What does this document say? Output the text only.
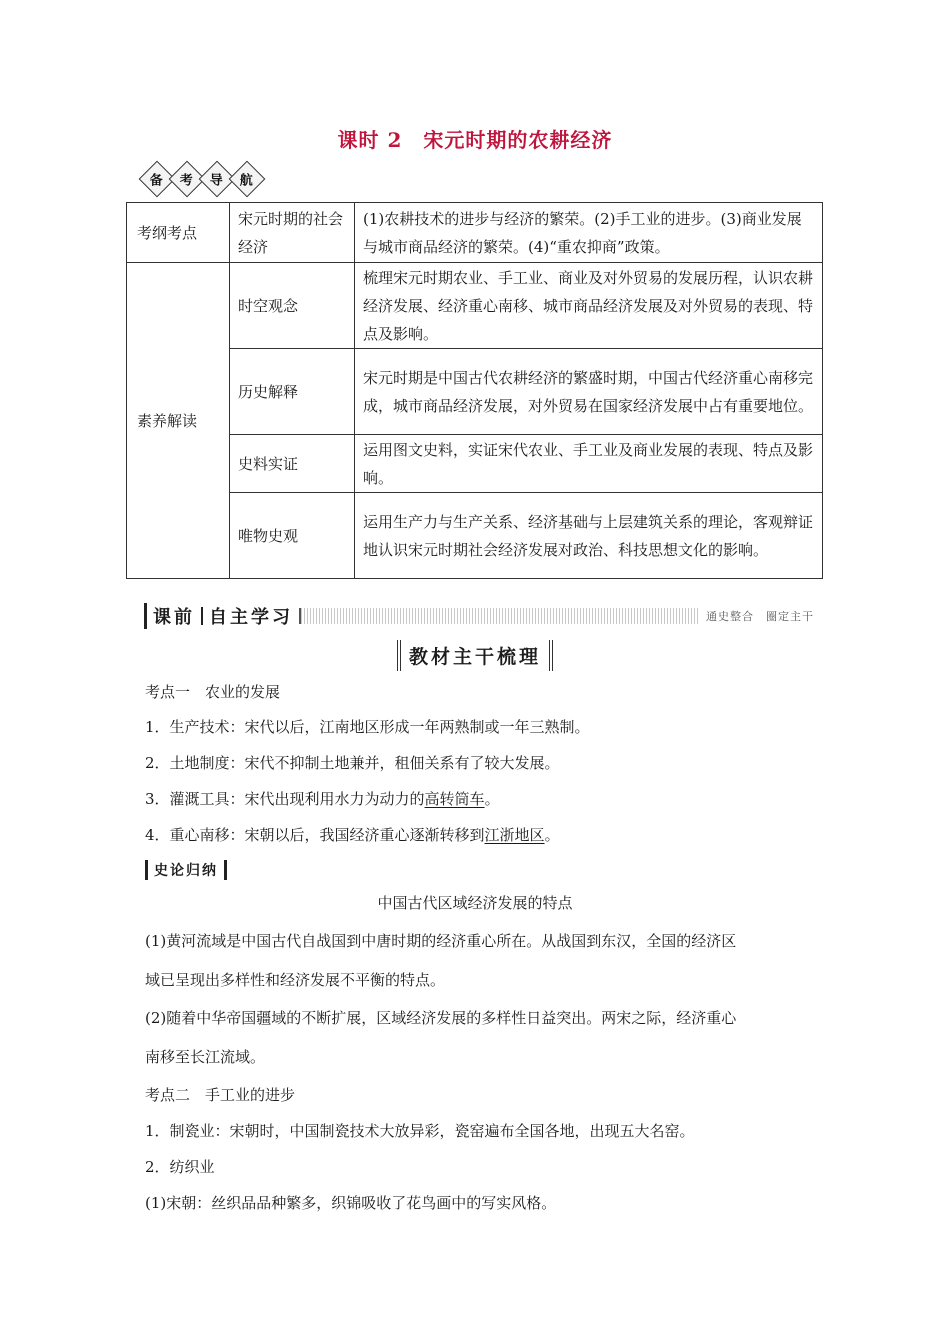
课时 2　宋元时期的农耕经济
备 考 导 航
考纲考点	宋元时期的社会经济	(1)农耕技术的进步与经济的繁荣。(2)手工业的进步。(3)商业发展与城市商品经济的繁荣。(4)“重农抑商”政策。
素养解读	时空观念	梳理宋元时期农业、手工业、商业及对外贸易的发展历程，认识农耕经济发展、经济重心南移、城市商品经济发展及对外贸易的表现、特点及影响。
	历史解释	宋元时期是中国古代农耕经济的繁盛时期，中国古代经济重心南移完成，城市商品经济发展，对外贸易在国家经济发展中占有重要地位。
	史料实证	运用图文史料，实证宋代农业、手工业及商业发展的表现、特点及影响。
	唯物史观	运用生产力与生产关系、经济基础与上层建筑关系的理论，客观辩证地认识宋元时期社会经济发展对政治、科技思想文化的影响。
课前 自主学习	通史整合　圈定主干
教材主干梳理
考点一　农业的发展
1．生产技术：宋代以后，江南地区形成一年两熟制或一年三熟制。
2．土地制度：宋代不抑制土地兼并，租佃关系有了较大发展。
3．灌溉工具：宋代出现利用水力为动力的高转筒车。
4．重心南移：宋朝以后，我国经济重心逐渐转移到江浙地区。
史论归纳
中国古代区域经济发展的特点
(1)黄河流域是中国古代自战国到中唐时期的经济重心所在。从战国到东汉，全国的经济区
域已呈现出多样性和经济发展不平衡的特点。
(2)随着中华帝国疆域的不断扩展，区域经济发展的多样性日益突出。两宋之际，经济重心
南移至长江流域。
考点二　手工业的进步
1．制瓷业：宋朝时，中国制瓷技术大放异彩，瓷窑遍布全国各地，出现五大名窑。
2．纺织业
(1)宋朝：丝织品品种繁多，织锦吸收了花鸟画中的写实风格。
